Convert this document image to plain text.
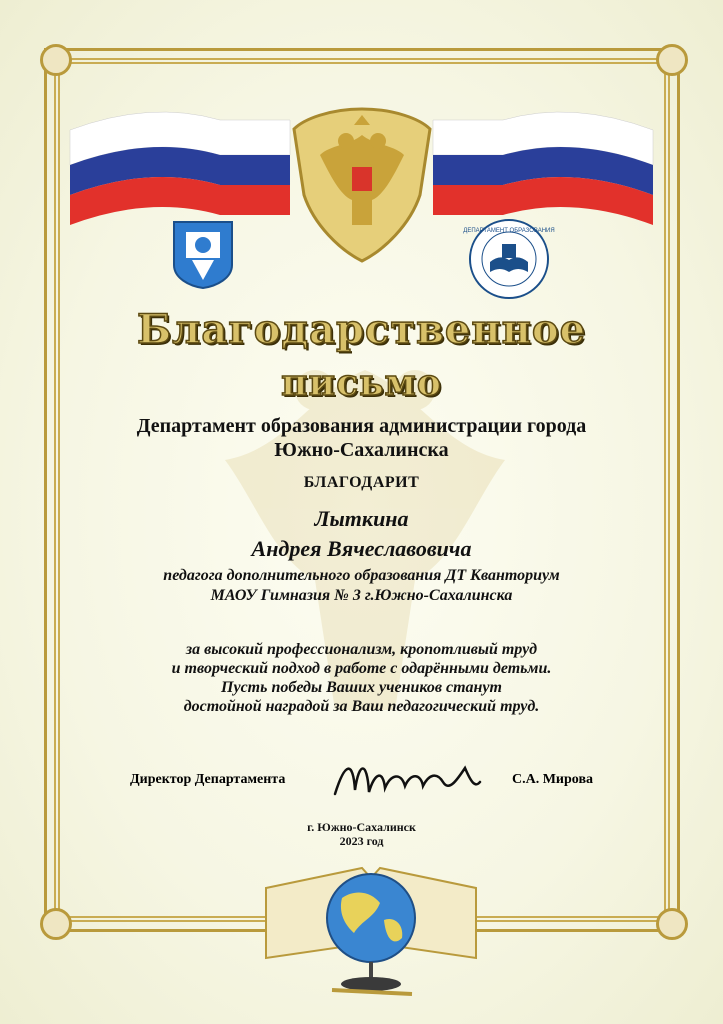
ДЕПАРТАМЕНТ ОБРАЗОВАНИЯ
Благодарственное
письмо
Департамент образования администрации города Южно-Сахалинска
БЛАГОДАРИТ
Лыткина
Андрея Вячеславовича
педагога дополнительного образования ДТ Кванториум
МАОУ Гимназия № 3 г.Южно-Сахалинска
за высокий профессионализм, кропотливый труд
и творческий подход в работе с одарёнными детьми.
Пусть победы Ваших учеников станут
достойной наградой за Ваш педагогический труд.
Директор Департамента	С.А. Мирова
г. Южно-Сахалинск
2023 год
